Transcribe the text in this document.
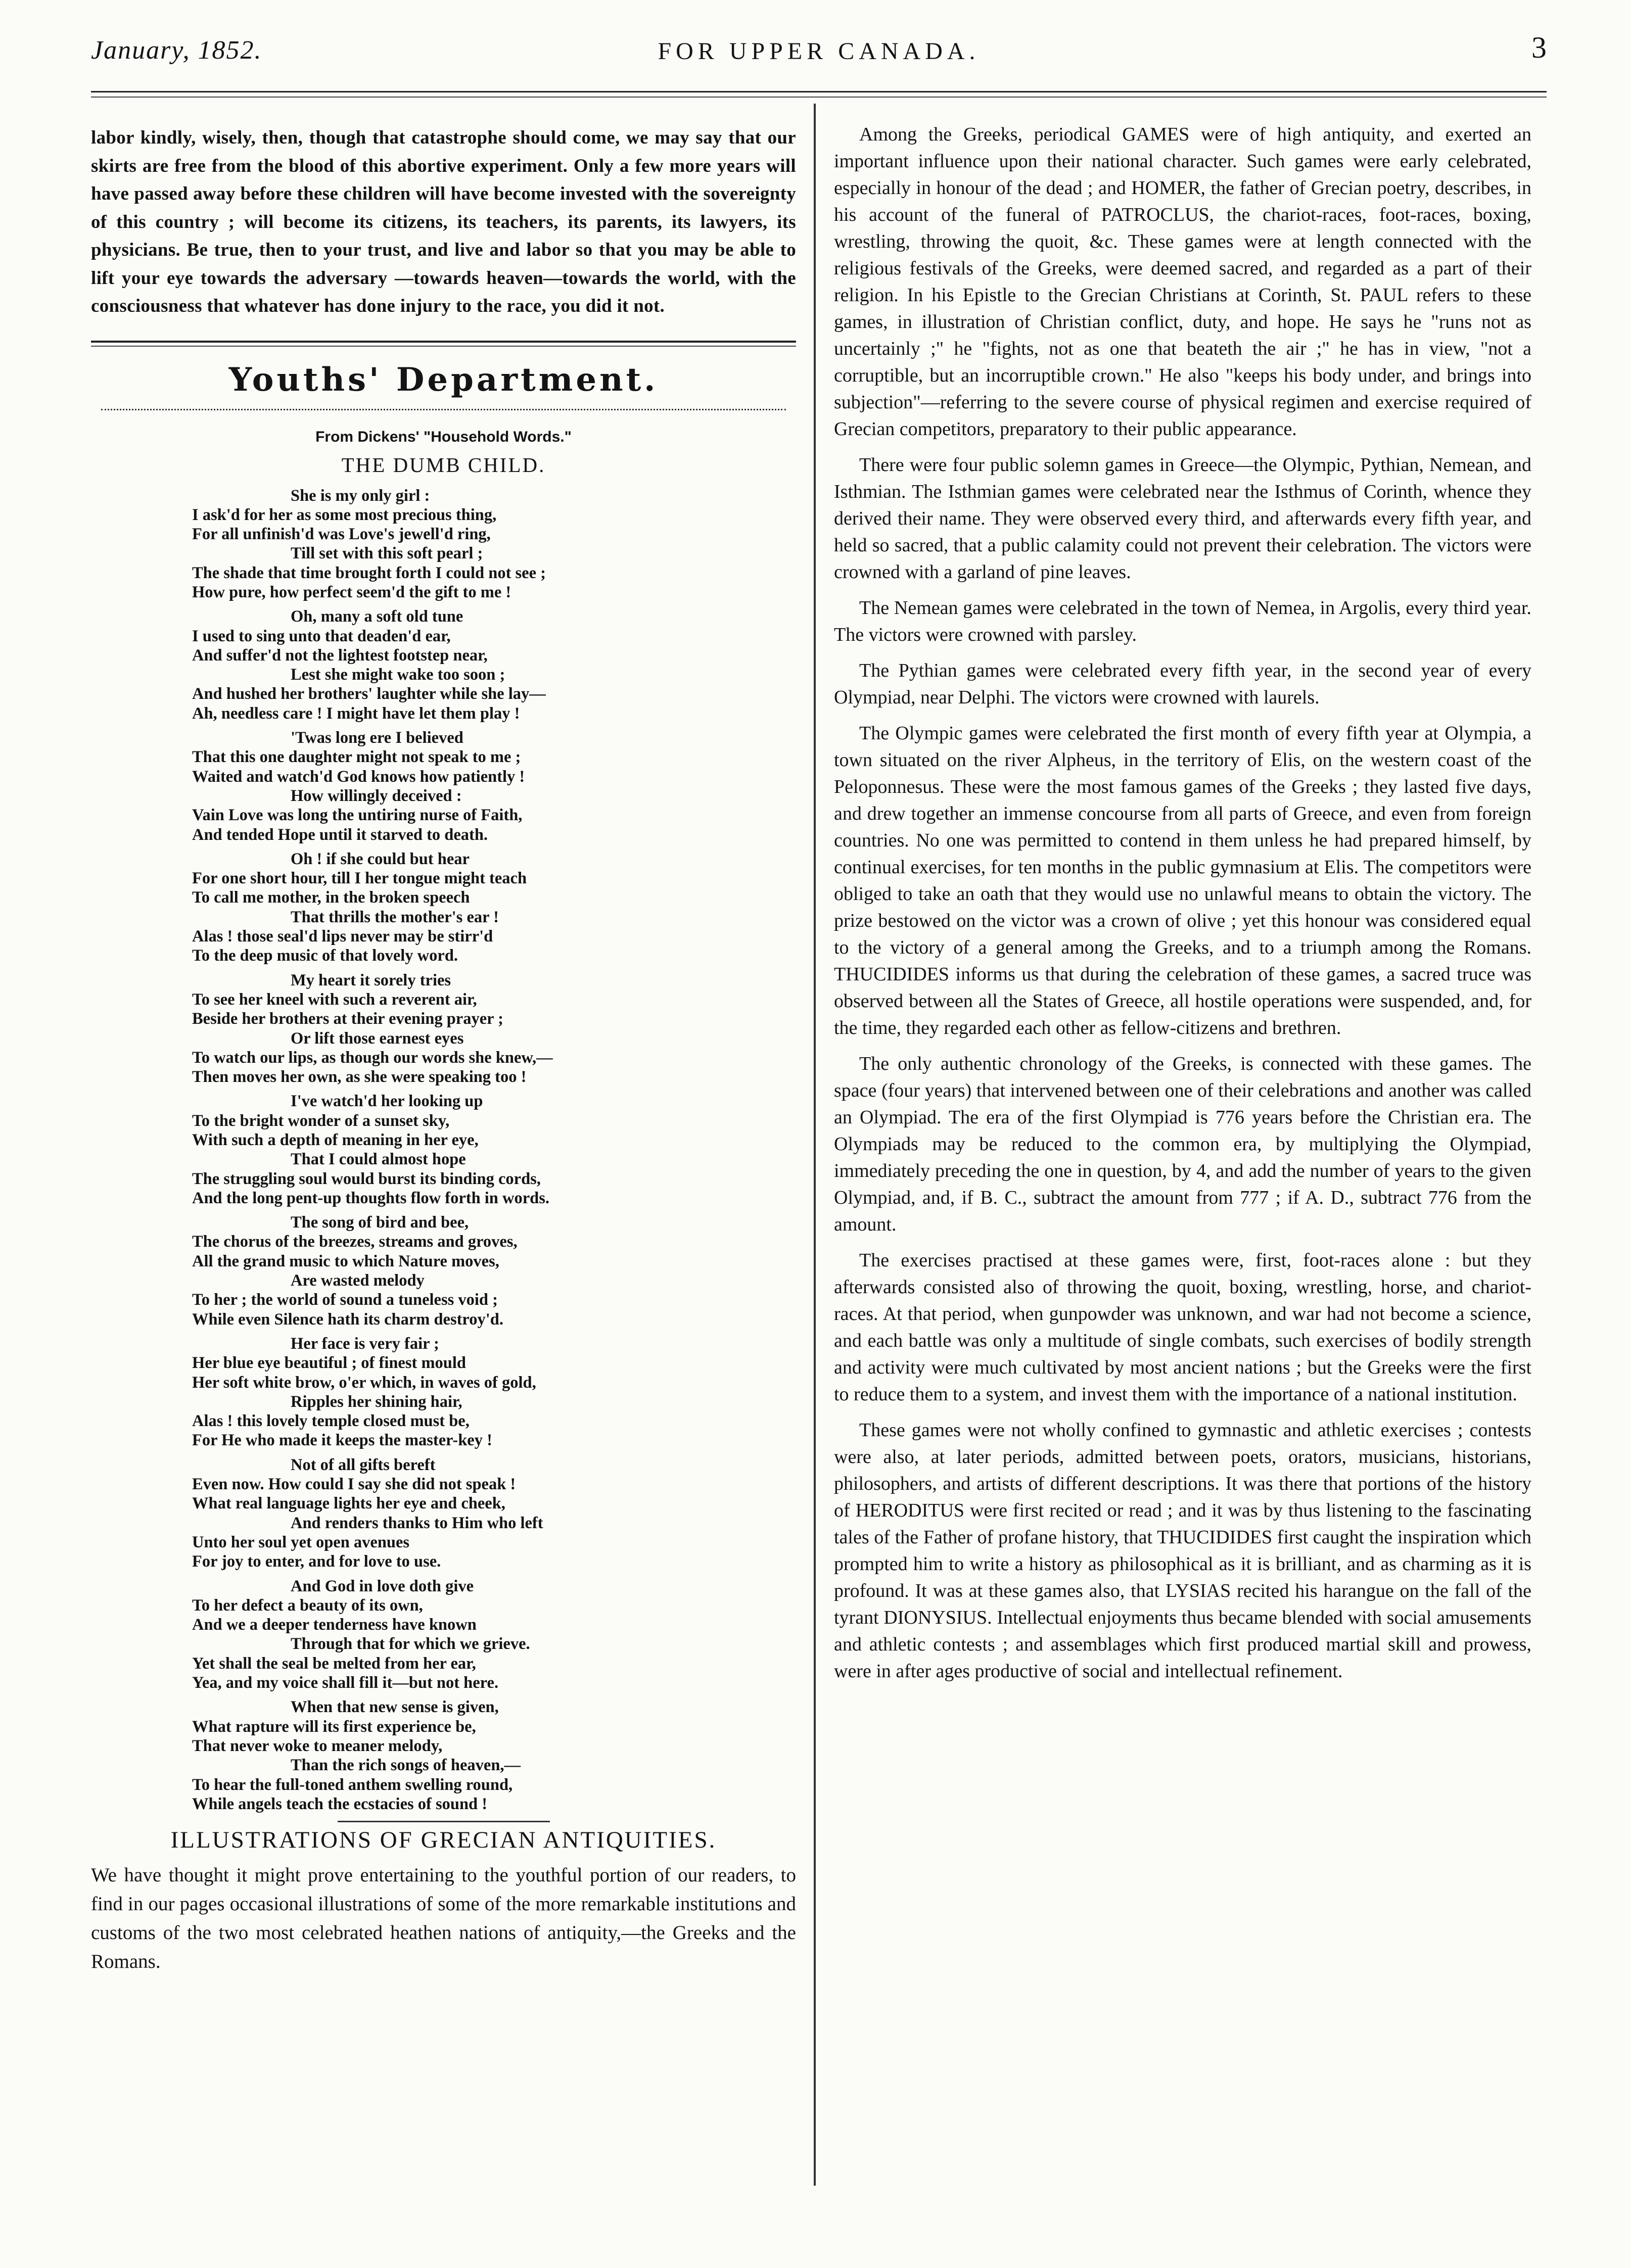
January, 1852.	FOR UPPER CANADA.	3

labor kindly, wisely, then, though that catastrophe should come, we may say that our skirts are free from the blood of this abortive experiment. Only a few more years will have passed away before these children will have become invested with the sovereignty of this country ; will become its citizens, its teachers, its parents, its lawyers, its physicians. Be true, then to your trust, and live and labor so that you may be able to lift your eye towards the adversary —towards heaven—towards the world, with the consciousness that whatever has done injury to the race, you did it not.

Youths' Department.
From Dickens' "Household Words."
THE DUMB CHILD.
She is my only girl :
I ask'd for her as some most precious thing,
For all unfinish'd was Love's jewell'd ring,
Till set with this soft pearl ;
The shade that time brought forth I could not see ;
How pure, how perfect seem'd the gift to me !
Oh, many a soft old tune
I used to sing unto that deaden'd ear,
And suffer'd not the lightest footstep near,
Lest she might wake too soon ;
And hushed her brothers' laughter while she lay—
Ah, needless care ! I might have let them play !
'Twas long ere I believed
That this one daughter might not speak to me ;
Waited and watch'd God knows how patiently !
How willingly deceived :
Vain Love was long the untiring nurse of Faith,
And tended Hope until it starved to death.
Oh ! if she could but hear
For one short hour, till I her tongue might teach
To call me mother, in the broken speech
That thrills the mother's ear !
Alas ! those seal'd lips never may be stirr'd
To the deep music of that lovely word.
My heart it sorely tries
To see her kneel with such a reverent air,
Beside her brothers at their evening prayer ;
Or lift those earnest eyes
To watch our lips, as though our words she knew,—
Then moves her own, as she were speaking too !
I've watch'd her looking up
To the bright wonder of a sunset sky,
With such a depth of meaning in her eye,
That I could almost hope
The struggling soul would burst its binding cords,
And the long pent-up thoughts flow forth in words.
The song of bird and bee,
The chorus of the breezes, streams and groves,
All the grand music to which Nature moves,
Are wasted melody
To her ; the world of sound a tuneless void ;
While even Silence hath its charm destroy'd.
Her face is very fair ;
Her blue eye beautiful ; of finest mould
Her soft white brow, o'er which, in waves of gold,
Ripples her shining hair,
Alas ! this lovely temple closed must be,
For He who made it keeps the master-key !
Not of all gifts bereft
Even now. How could I say she did not speak !
What real language lights her eye and cheek,
And renders thanks to Him who left
Unto her soul yet open avenues
For joy to enter, and for love to use.
And God in love doth give
To her defect a beauty of its own,
And we a deeper tenderness have known
Through that for which we grieve.
Yet shall the seal be melted from her ear,
Yea, and my voice shall fill it—but not here.
When that new sense is given,
What rapture will its first experience be,
That never woke to meaner melody,
Than the rich songs of heaven,—
To hear the full-toned anthem swelling round,
While angels teach the ecstacies of sound !
ILLUSTRATIONS OF GRECIAN ANTIQUITIES.

We have thought it might prove entertaining to the youthful portion of our readers, to find in our pages occasional illustrations of some of the more remarkable institutions and customs of the two most celebrated heathen nations of antiquity,—the Greeks and the Romans.

Among the Greeks, periodical GAMES were of high antiquity, and exerted an important influence upon their national character. Such games were early celebrated, especially in honour of the dead ; and HOMER, the father of Grecian poetry, describes, in his account of the funeral of PATROCLUS, the chariot-races, foot-races, boxing, wrestling, throwing the quoit, &c. These games were at length connected with the religious festivals of the Greeks, were deemed sacred, and regarded as a part of their religion. In his Epistle to the Grecian Christians at Corinth, St. PAUL refers to these games, in illustration of Christian conflict, duty, and hope. He says he "runs not as uncertainly ;" he "fights, not as one that beateth the air ;" he has in view, "not a corruptible, but an incorruptible crown." He also "keeps his body under, and brings into subjection"—referring to the severe course of physical regimen and exercise required of Grecian competitors, preparatory to their public appearance.

There were four public solemn games in Greece—the Olympic, Pythian, Nemean, and Isthmian. The Isthmian games were celebrated near the Isthmus of Corinth, whence they derived their name. They were observed every third, and afterwards every fifth year, and held so sacred, that a public calamity could not prevent their celebration. The victors were crowned with a garland of pine leaves.

The Nemean games were celebrated in the town of Nemea, in Argolis, every third year. The victors were crowned with parsley.

The Pythian games were celebrated every fifth year, in the second year of every Olympiad, near Delphi. The victors were crowned with laurels.

The Olympic games were celebrated the first month of every fifth year at Olympia, a town situated on the river Alpheus, in the territory of Elis, on the western coast of the Peloponnesus. These were the most famous games of the Greeks ; they lasted five days, and drew together an immense concourse from all parts of Greece, and even from foreign countries. No one was permitted to contend in them unless he had prepared himself, by continual exercises, for ten months in the public gymnasium at Elis. The competitors were obliged to take an oath that they would use no unlawful means to obtain the victory. The prize bestowed on the victor was a crown of olive ; yet this honour was considered equal to the victory of a general among the Greeks, and to a triumph among the Romans. THUCIDIDES informs us that during the celebration of these games, a sacred truce was observed between all the States of Greece, all hostile operations were suspended, and, for the time, they regarded each other as fellow-citizens and brethren.

The only authentic chronology of the Greeks, is connected with these games. The space (four years) that intervened between one of their celebrations and another was called an Olympiad. The era of the first Olympiad is 776 years before the Christian era. The Olympiads may be reduced to the common era, by multiplying the Olympiad, immediately preceding the one in question, by 4, and add the number of years to the given Olympiad, and, if B. C., subtract the amount from 777 ; if A. D., subtract 776 from the amount.

The exercises practised at these games were, first, foot-races alone : but they afterwards consisted also of throwing the quoit, boxing, wrestling, horse, and chariot-races. At that period, when gunpowder was unknown, and war had not become a science, and each battle was only a multitude of single combats, such exercises of bodily strength and activity were much cultivated by most ancient nations ; but the Greeks were the first to reduce them to a system, and invest them with the importance of a national institution.

These games were not wholly confined to gymnastic and athletic exercises ; contests were also, at later periods, admitted between poets, orators, musicians, historians, philosophers, and artists of different descriptions. It was there that portions of the history of HERODITUS were first recited or read ; and it was by thus listening to the fascinating tales of the Father of profane history, that THUCIDIDES first caught the inspiration which prompted him to write a history as philosophical as it is brilliant, and as charming as it is profound. It was at these games also, that LYSIAS recited his harangue on the fall of the tyrant DIONYSIUS. Intellectual enjoyments thus became blended with social amusements and athletic contests ; and assemblages which first produced martial skill and prowess, were in after ages productive of social and intellectual refinement.
